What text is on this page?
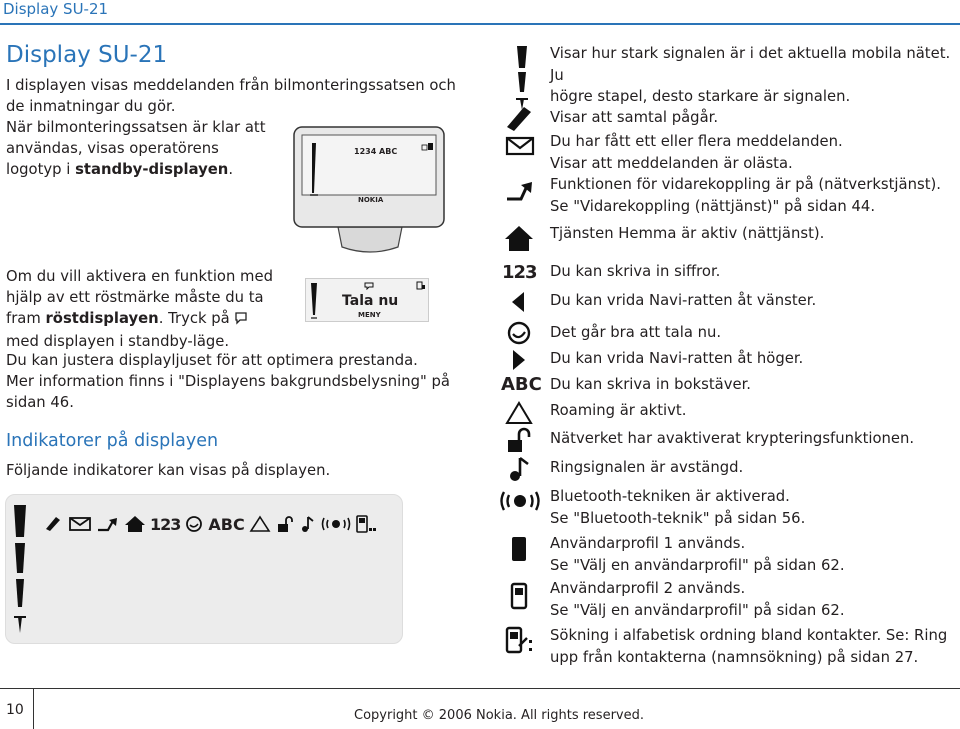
Display SU-21
Display SU-21
I displayen visas meddelanden från bilmonteringssatsen och de inmatningar du gör.
När bilmonteringssatsen är klar att
användas, visas operatörens
logotyp i standby-displayen.
1234 ABC
NOKIA
Om du vill aktivera en funktion med
hjälp av ett röstmärke måste du ta
fram röstdisplayen. Tryck på
med displayen i standby-läge.
Tala nu
MENY
Du kan justera displayljuset för att optimera prestanda.
Mer information finns i "Displayens bakgrundsbelysning" på
sidan 46.
Indikatorer på displayen
Följande indikatorer kan visas på displayen.
123 ABC
Visar hur stark signalen är i det aktuella mobila nätet. Ju
högre stapel, desto starkare är signalen.
Visar att samtal pågår.
Du har fått ett eller flera meddelanden.
Visar att meddelanden är olästa.
Funktionen för vidarekoppling är på (nätverkstjänst).
Se "Vidarekoppling (nättjänst)" på sidan 44.
Tjänsten Hemma är aktiv (nättjänst).
123 Du kan skriva in siffror.
Du kan vrida Navi-ratten åt vänster.
Det går bra att tala nu.
Du kan vrida Navi-ratten åt höger.
ABC Du kan skriva in bokstäver.
Roaming är aktivt.
Nätverket har avaktiverat krypteringsfunktionen.
Ringsignalen är avstängd.
Bluetooth-tekniken är aktiverad.
Se "Bluetooth-teknik" på sidan 56.
Användarprofil 1 används.
Se "Välj en användarprofil" på sidan 62.
Användarprofil 2 används.
Se "Välj en användarprofil" på sidan 62.
Sökning i alfabetisk ordning bland kontakter. Se: Ring
upp från kontakterna (namnsökning) på sidan 27.
10	Copyright © 2006 Nokia. All rights reserved.
